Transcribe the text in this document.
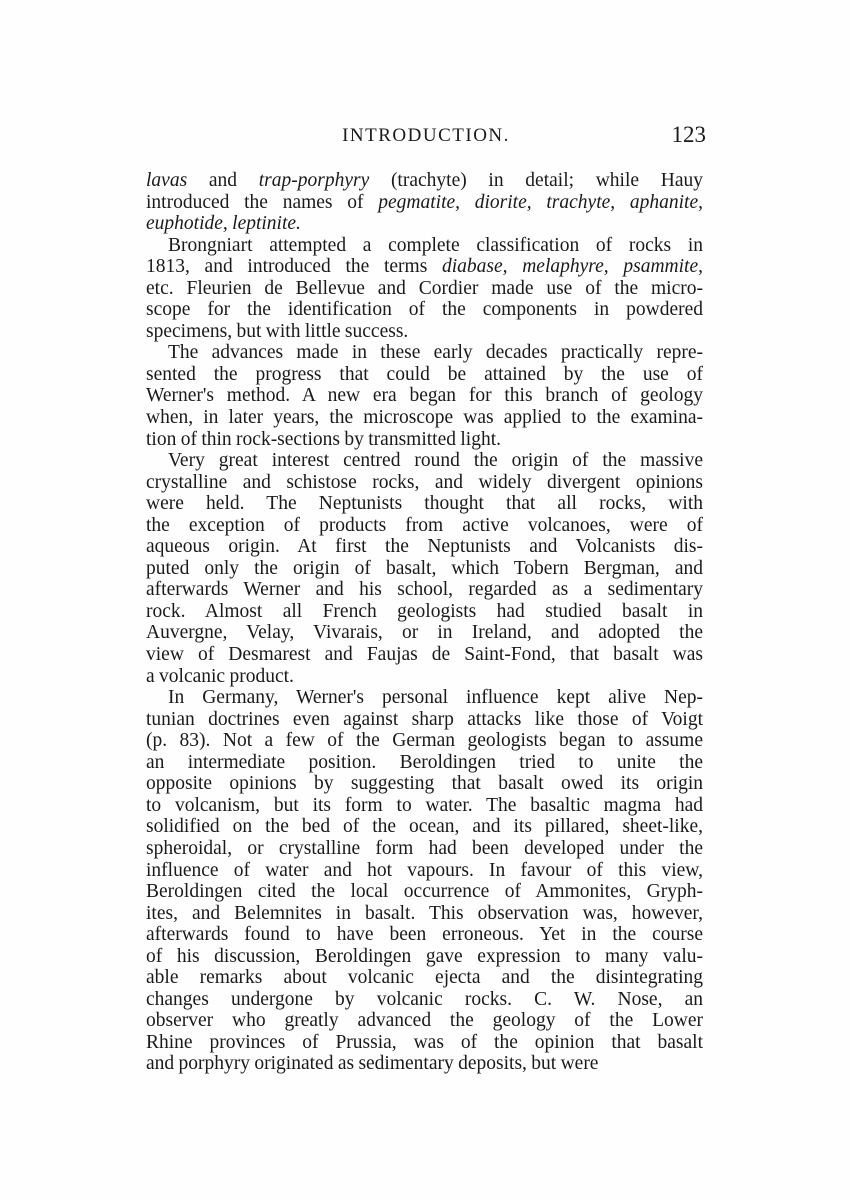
INTRODUCTION.	123

lavas and trap-porphyry (trachyte) in detail; while Hauy

introduced the names of pegmatite, diorite, trachyte, aphanite,

euphotide, leptinite.

Brongniart attempted a complete classification of rocks in

1813, and introduced the terms diabase, melaphyre, psammite,

etc. Fleurien de Bellevue and Cordier made use of the micro-

scope for the identification of the components in powdered

specimens, but with little success.

The advances made in these early decades practically repre-

sented the progress that could be attained by the use of

Werner's method. A new era began for this branch of geology

when, in later years, the microscope was applied to the examina-

tion of thin rock-sections by transmitted light.

Very great interest centred round the origin of the massive

crystalline and schistose rocks, and widely divergent opinions

were held. The Neptunists thought that all rocks, with

the exception of products from active volcanoes, were of

aqueous origin. At first the Neptunists and Volcanists dis-

puted only the origin of basalt, which Tobern Bergman, and

afterwards Werner and his school, regarded as a sedimentary

rock. Almost all French geologists had studied basalt in

Auvergne, Velay, Vivarais, or in Ireland, and adopted the

view of Desmarest and Faujas de Saint-Fond, that basalt was

a volcanic product.

In Germany, Werner's personal influence kept alive Nep-

tunian doctrines even against sharp attacks like those of Voigt

(p. 83). Not a few of the German geologists began to assume

an intermediate position. Beroldingen tried to unite the

opposite opinions by suggesting that basalt owed its origin

to volcanism, but its form to water. The basaltic magma had

solidified on the bed of the ocean, and its pillared, sheet-like,

spheroidal, or crystalline form had been developed under the

influence of water and hot vapours. In favour of this view,

Beroldingen cited the local occurrence of Ammonites, Gryph-

ites, and Belemnites in basalt. This observation was, however,

afterwards found to have been erroneous. Yet in the course

of his discussion, Beroldingen gave expression to many valu-

able remarks about volcanic ejecta and the disintegrating

changes undergone by volcanic rocks. C. W. Nose, an

observer who greatly advanced the geology of the Lower

Rhine provinces of Prussia, was of the opinion that basalt

and porphyry originated as sedimentary deposits, but were
